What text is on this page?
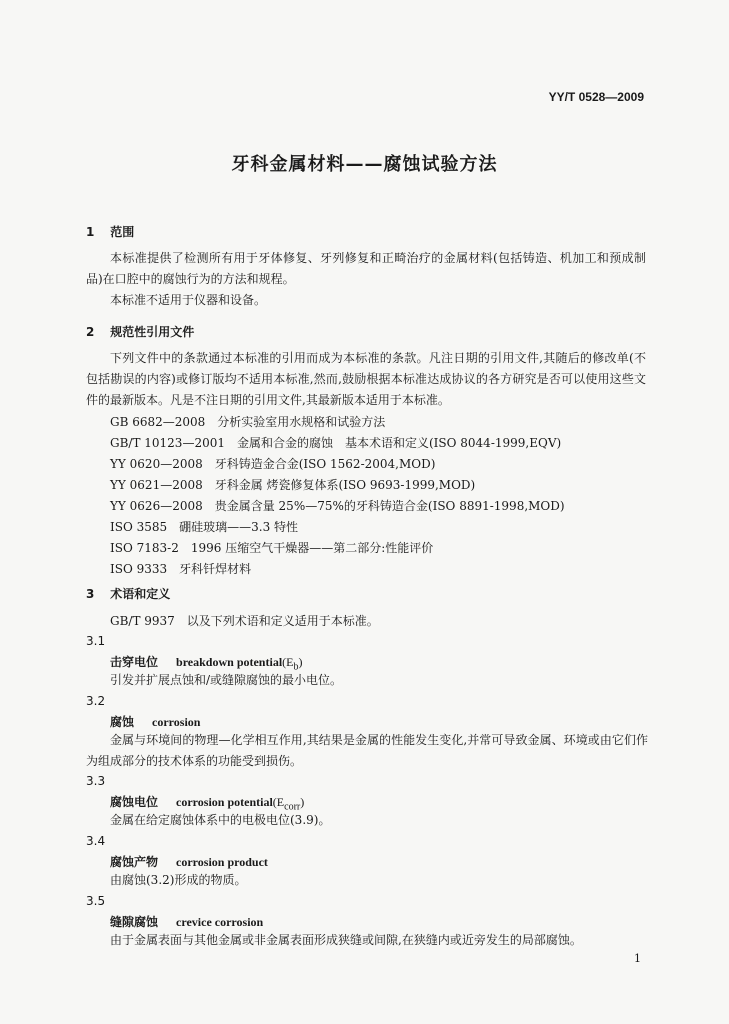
YY/T 0528—2009
牙科金属材料——腐蚀试验方法
1 范围
本标准提供了检测所有用于牙体修复、牙列修复和正畸治疗的金属材料(包括铸造、机加工和预成制品)在口腔中的腐蚀行为的方法和规程。
本标准不适用于仪器和设备。
2 规范性引用文件
下列文件中的条款通过本标准的引用而成为本标准的条款。凡注日期的引用文件,其随后的修改单(不包括勘误的内容)或修订版均不适用本标准,然而,鼓励根据本标准达成协议的各方研究是否可以使用这些文件的最新版本。凡是不注日期的引用文件,其最新版本适用于本标准。
GB 6682—2008　分析实验室用水规格和试验方法
GB/T 10123—2001　金属和合金的腐蚀　基本术语和定义(ISO 8044-1999,EQV)
YY 0620—2008　牙科铸造金合金(ISO 1562-2004,MOD)
YY 0621—2008　牙科金属 烤瓷修复体系(ISO 9693-1999,MOD)
YY 0626—2008　贵金属含量 25%—75%的牙科铸造合金(ISO 8891-1998,MOD)
ISO 3585　硼硅玻璃——3.3 特性
ISO 7183-2　1996 压缩空气干燥器——第二部分:性能评价
ISO 9333　牙科钎焊材料
3 术语和定义
GB/T 9937　以及下列术语和定义适用于本标准。
3.1
击穿电位 breakdown $potential(E_b)$
引发并扩展点蚀和/或缝隙腐蚀的最小电位。
3.2
腐蚀 corrosion
金属与环境间的物理—化学相互作用,其结果是金属的性能发生变化,并常可导致金属、环境或由它们作为组成部分的技术体系的功能受到损伤。
3.3
腐蚀电位 corrosion $potential(E_{corr})$
金属在给定腐蚀体系中的电极电位(3.9)。
3.4
腐蚀产物 corrosion product
由腐蚀(3.2)形成的物质。
3.5
缝隙腐蚀 crevice corrosion
由于金属表面与其他金属或非金属表面形成狭缝或间隙,在狭缝内或近旁发生的局部腐蚀。
1
